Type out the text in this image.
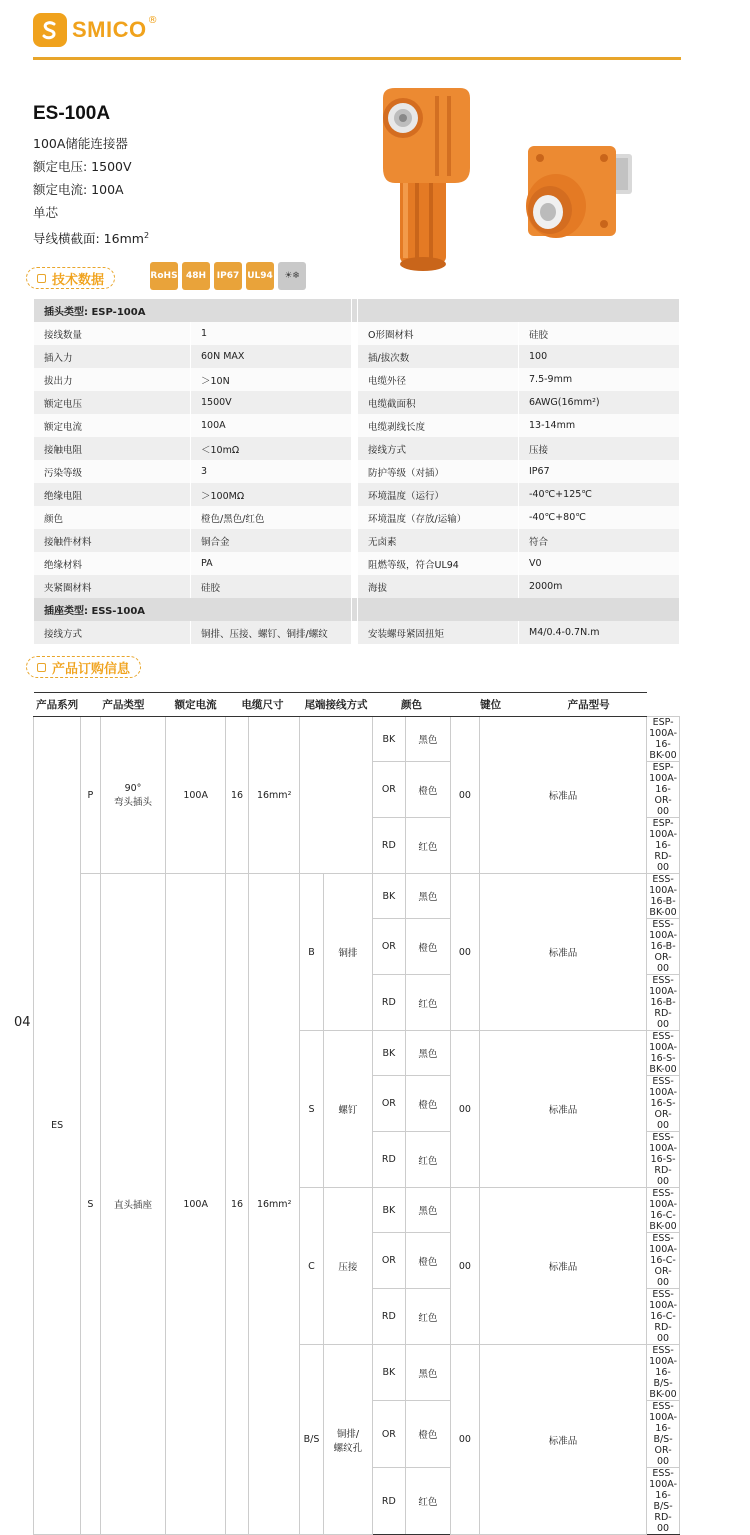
SMICO ®
ES-100A
100A储能连接器
额定电压: 1500V
额定电流: 100A
单芯
导线横截面: $16mm^2$
技术数据	RoHS 48H IP67 UL94 ☀❄
插头类型: ESP-100A				
接线数量	1		O形圈材料	硅胶
插入力	60N MAX		插/拔次数	100
拔出力	＞10N		电缆外径	7.5-9mm
额定电压	1500V		电缆截面积	6AWG(16mm²)
额定电流	100A		电缆剥线长度	13-14mm
接触电阻	＜10mΩ		接线方式	压接
污染等级	3		防护等级（对插）	IP67
绝缘电阻	＞100MΩ		环境温度（运行）	-40℃+125℃
颜色	橙色/黑色/红色		环境温度（存放/运输）	-40℃+80℃
接触件材料	铜合金		无卤素	符合
绝缘材料	PA		阻燃等级，符合UL94	V0
夹紧圈材料	硅胶		海拔	2000m
插座类型: ESS-100A				
接线方式	铜排、压接、螺钉、铜排/螺纹		安装螺母紧固扭矩	M4/0.4-0.7N.m
产品订购信息
产品系列	产品类型		额定电流	电缆尺寸		尾端接线方式		颜色		键位		产品型号	
ES	P	90°
弯头插头	100A	16	16mm²			BK	黑色	00	标准品		ESP-100A-16-BK-00
								OR	橙色				ESP-100A-16-OR-00
								RD	红色				ESP-100A-16-RD-00
	S	直头插座	100A	16	16mm²	B	铜排	BK	黑色	00	标准品		ESS-100A-16-B-BK-00
								OR	橙色				ESS-100A-16-B-OR-00
								RD	红色				ESS-100A-16-B-RD-00
						S	螺钉	BK	黑色	00	标准品		ESS-100A-16-S-BK-00
								OR	橙色				ESS-100A-16-S-OR-00
								RD	红色				ESS-100A-16-S-RD-00
						C	压接	BK	黑色	00	标准品		ESS-100A-16-C-BK-00
								OR	橙色				ESS-100A-16-C-OR-00
								RD	红色				ESS-100A-16-C-RD-00
						B/S	铜排/
螺纹孔	BK	黑色	00	标准品		ESS-100A-16-B/S-BK-00
								OR	橙色				ESS-100A-16-B/S-OR-00
								RD	红色				ESS-100A-16-B/S-RD-00
04
